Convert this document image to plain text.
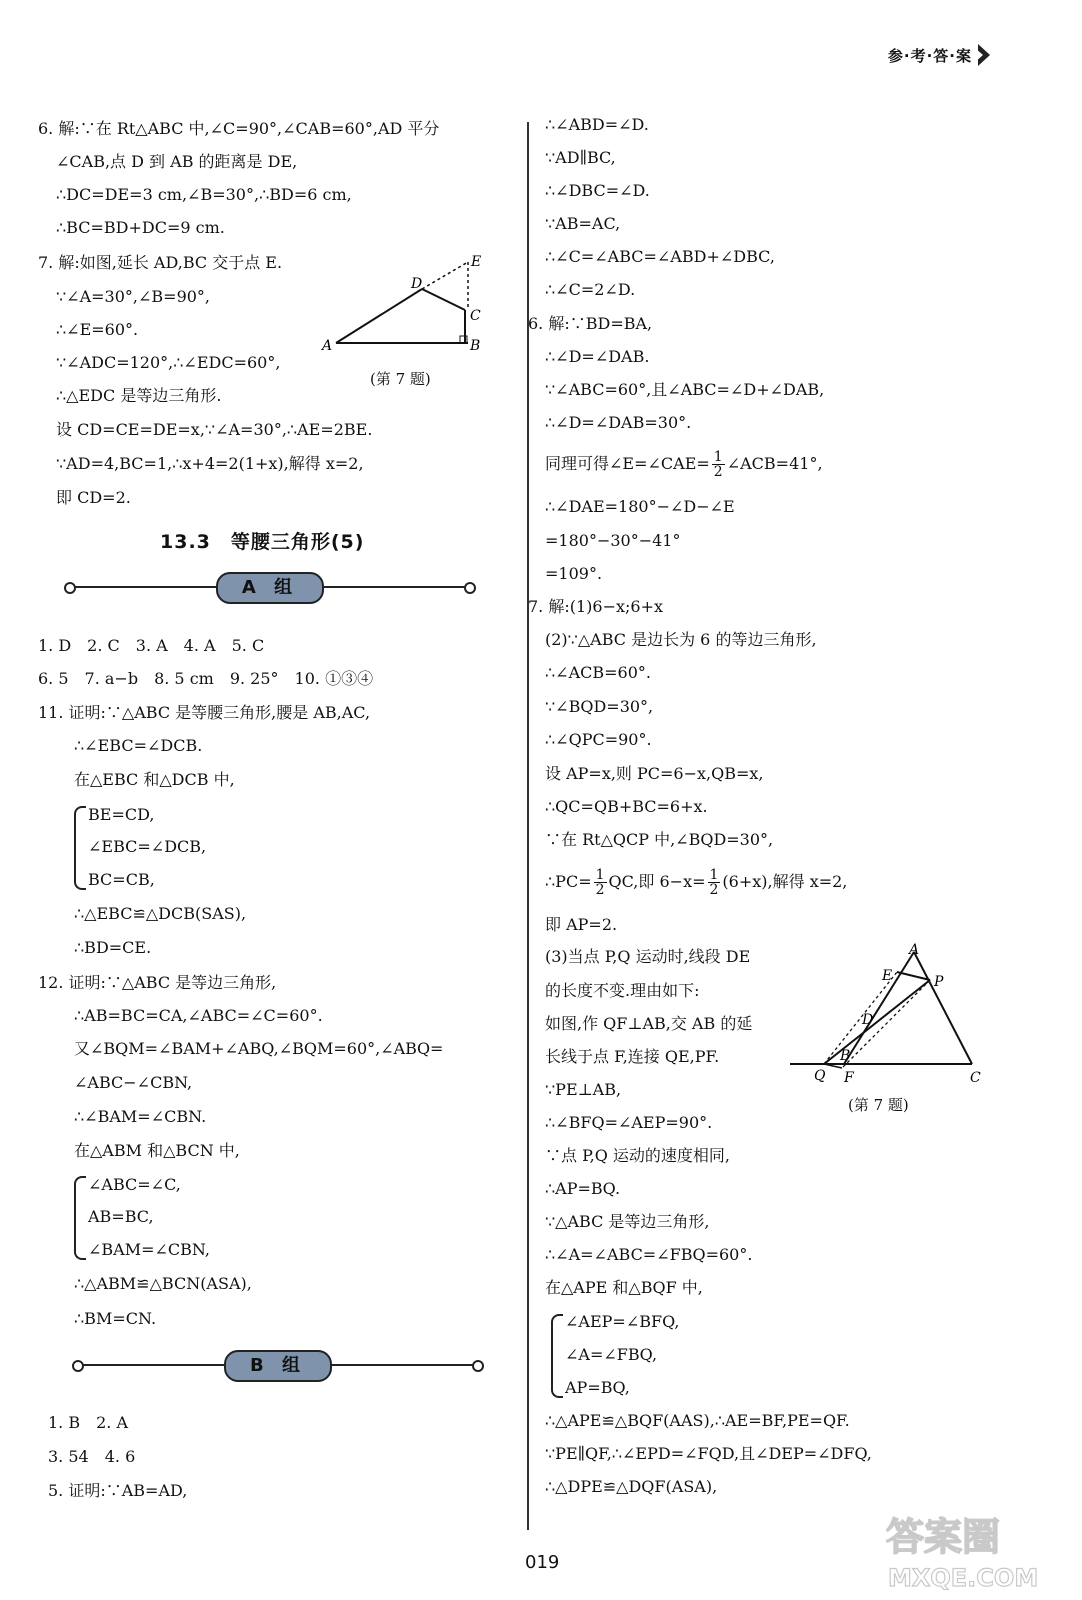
参·考·答·案
6. 解:∵在 Rt△ABC 中,∠C=90°,∠CAB=60°,AD 平分
∠CAB,点 D 到 AB 的距离是 DE,
∴DC=DE=3 cm,∠B=30°,∴BD=6 cm,
∴BC=BD+DC=9 cm.
7. 解:如图,延长 AD,BC 交于点 E.
∵∠A=30°,∠B=90°,
∴∠E=60°.
∵∠ADC=120°,∴∠EDC=60°,
∴△EDC 是等边三角形.
设 CD=CE=DE=x,∵∠A=30°,∴AE=2BE.
∵AD=4,BC=1,∴x+4=2(1+x),解得 x=2,
即 CD=2.
A	B
C
D
E
(第 7 题)
13.3　等腰三角形(5)
A 组
1. D　2. C　3. A　4. A　5. C
6. 5　7. a−b　8. 5 cm　9. 25°　10. ①③④
11. 证明:∵△ABC 是等腰三角形,腰是 AB,AC,
∴∠EBC=∠DCB.
在△EBC 和△DCB 中,
BE=CD,
∠EBC=∠DCB,
BC=CB,
∴△EBC≌△DCB(SAS),
∴BD=CE.
12. 证明:∵△ABC 是等边三角形,
∴AB=BC=CA,∠ABC=∠C=60°.
又∠BQM=∠BAM+∠ABQ,∠BQM=60°,∠ABQ=
∠ABC−∠CBN,
∴∠BAM=∠CBN.
在△ABM 和△BCN 中,
∠ABC=∠C,
AB=BC,
∠BAM=∠CBN,
∴△ABM≌△BCN(ASA),
∴BM=CN.
1. B　2. A
3. 54　4. 6
5. 证明:∵AB=AD,
B 组
∴∠ABD=∠D.
∵AD∥BC,
∴∠DBC=∠D.
∵AB=AC,
∴∠C=∠ABC=∠ABD+∠DBC,
∴∠C=2∠D.
6. 解:∵BD=BA,
∴∠D=∠DAB.
∵∠ABC=60°,且∠ABC=∠D+∠DAB,
∴∠D=∠DAB=30°.
同理可得∠E=∠CAE= $\frac{1}{2}$ ∠ACB=41°,
∴∠DAE=180°−∠D−∠E
=180°−30°−41°
=109°.
7. 解:(1)6−x;6+x
(2)∵△ABC 是边长为 6 的等边三角形,
∴∠ACB=60°.
∵∠BQD=30°,
∴∠QPC=90°.
设 AP=x,则 PC=6−x,QB=x,
∴QC=QB+BC=6+x.
∵在 Rt△QCP 中,∠BQD=30°,
∴PC= $\frac{1}{2}$ QC,即 $6-x= \frac{1}{2} (6+x)$,解得 x=2,
即 AP=2.
(3)当点 P,Q 运动时,线段 DE
的长度不变.理由如下:
如图,作 QF⊥AB,交 AB 的延
长线于点 F,连接 QE,PF.
∵PE⊥AB,
∴∠BFQ=∠AEP=90°.
∵点 P,Q 运动的速度相同,
∴AP=BQ.
∵△ABC 是等边三角形,
∴∠A=∠ABC=∠FBQ=60°.
在△APE 和△BQF 中,
∠AEP=∠BFQ,
∠A=∠FBQ,
AP=BQ,
∴△APE≌△BQF(AAS),∴AE=BF,PE=QF.
∵PE∥QF,∴∠EPD=∠FQD,且∠DEP=∠DFQ,
∴△DPE≌△DQF(ASA),
A
E	P
D
B
Q F	C
(第 7 题)
019
答案圈
MXQE.COM
